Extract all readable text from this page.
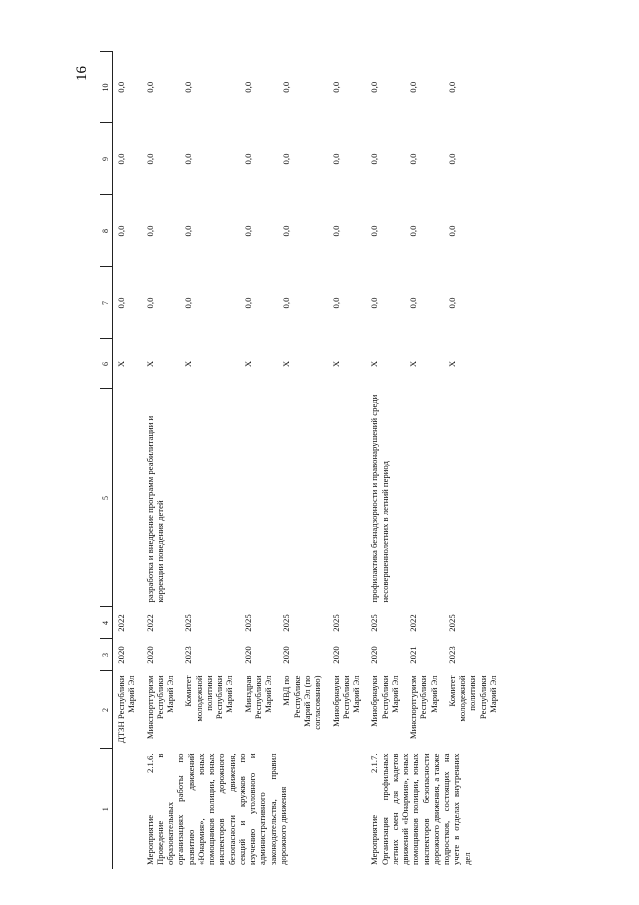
16
1	2	3	4	5	6	7	8	9	10
	ДТЗН Республики Марий Эл	2020	2022		X	0,0	0,0	0,0	0,0
Мероприятие 2.1.6. Проведение в образовательных организациях работы по развитию движений «Юнармия», юных помощников полиции, юных инспекторов дорожного безопасности движения, секций и кружков по изучению уголовного и административного законодательства, правил дорожного движения	Минспортгуризм Республики Марий Эл	2020	2022	разработка и внедрение программ реабилитации и коррекции поведения детей	X	0,0	0,0	0,0	0,0
	Комитет молодежной политики Республики Марий Эл	2023	2025		X	0,0	0,0	0,0	0,0
	Минздрав Республики Марий Эл	2020	2025		X	0,0	0,0	0,0	0,0
	МВД по Республике Марий Эл (по согласованию)	2020	2025		X	0,0	0,0	0,0	0,0
	Минобрнауки Республики Марий Эл	2020	2025		X	0,0	0,0	0,0	0,0
Мероприятие 2.1.7. Организация профильных летних смен для кадетов движений «Юнармия», юных помощников полиции, юных инспекторов безопасности дорожного движения, а также подростков, состоящих на учете в отделах внутренних дел	Минобрнауки Республики Марий Эл	2020	2025	профилактика безнадзорности и правонарушений среди несовершеннолетних в летний период	X	0,0	0,0	0,0	0,0
	Минспортгуризм Республики Марий Эл	2021	2022		X	0,0	0,0	0,0	0,0
	Комитет молодежной политики Республики Марий Эл	2023	2025		X	0,0	0,0	0,0	0,0
